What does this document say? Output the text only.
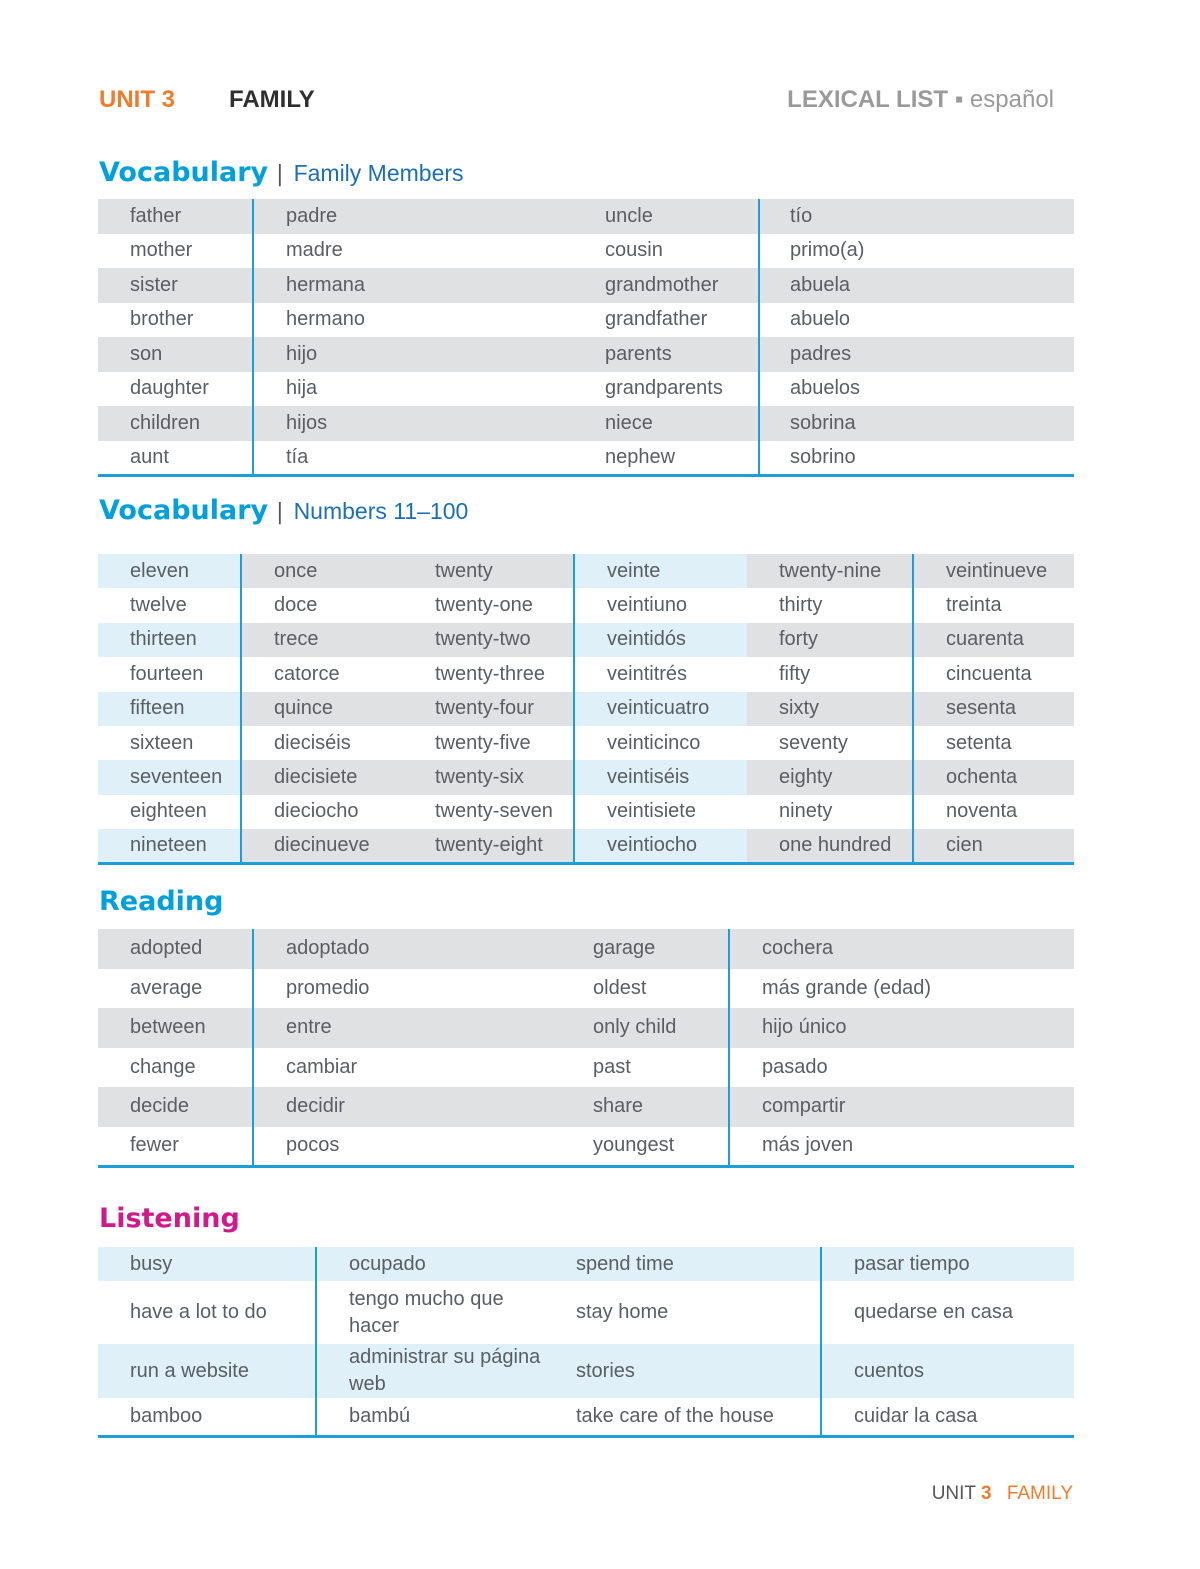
UNIT 3 FAMILY	LEXICAL LIST ▪ español
Vocabulary | Family Members
father	padre	uncle	tío
mother	madre	cousin	primo(a)
sister	hermana	grandmother	abuela
brother	hermano	grandfather	abuelo
son	hijo	parents	padres
daughter	hija	grandparents	abuelos
children	hijos	niece	sobrina
aunt	tía	nephew	sobrino
Vocabulary | Numbers 11–100
eleven	once	twenty	veinte	twenty-nine	veintinueve
twelve	doce	twenty-one	veintiuno	thirty	treinta
thirteen	trece	twenty-two	veintidós	forty	cuarenta
fourteen	catorce	twenty-three	veintitrés	fifty	cincuenta
fifteen	quince	twenty-four	veinticuatro	sixty	sesenta
sixteen	dieciséis	twenty-five	veinticinco	seventy	setenta
seventeen	diecisiete	twenty-six	veintiséis	eighty	ochenta
eighteen	dieciocho	twenty-seven	veintisiete	ninety	noventa
nineteen	diecinueve	twenty-eight	veintiocho	one hundred	cien
Reading
adopted	adoptado	garage	cochera
average	promedio	oldest	más grande (edad)
between	entre	only child	hijo único
change	cambiar	past	pasado
decide	decidir	share	compartir
fewer	pocos	youngest	más joven
Listening
busy	ocupado	spend time	pasar tiempo
have a lot to do	tengo mucho que hacer	stay home	quedarse en casa
run a website	administrar su página web	stories	cuentos
bamboo	bambú	take care of the house	cuidar la casa
UNIT 3 FAMILY
